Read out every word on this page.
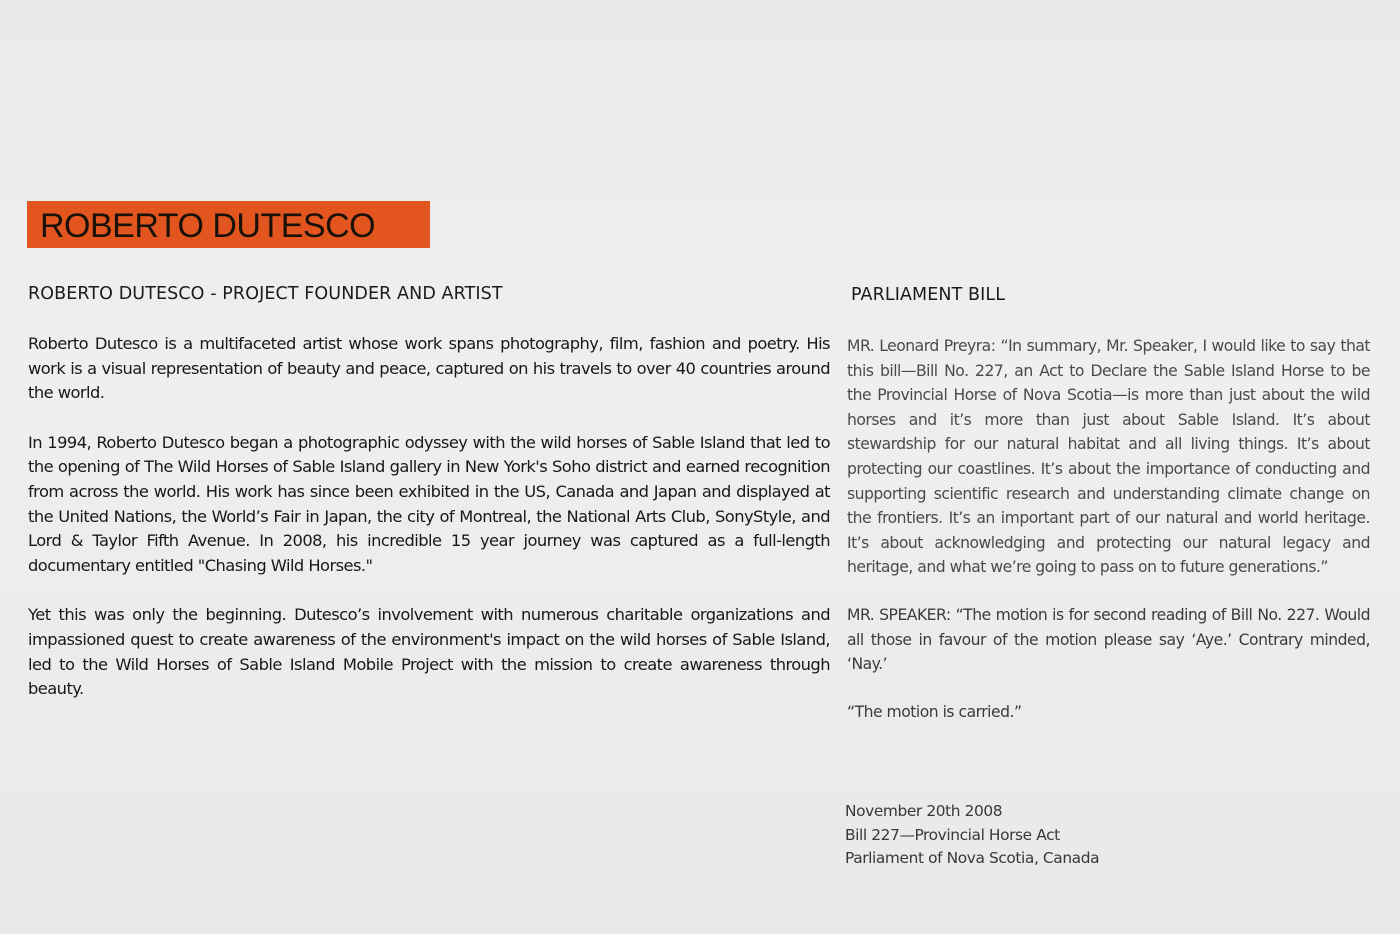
ROBERTO DUTESCO
ROBERTO DUTESCO - PROJECT FOUNDER AND ARTIST

Roberto Dutesco is a multifaceted artist whose work spans photography, film, fashion and poetry. His work is a visual representation of beauty and peace, captured on his travels to over 40 countries around the world.

In 1994, Roberto Dutesco began a photographic odyssey with the wild horses of Sable Island that led to the opening of The Wild Horses of Sable Island gallery in New York's Soho district and earned recognition from across the world. His work has since been exhibited in the US, Canada and Japan and displayed at the United Nations, the World’s Fair in Japan, the city of Montreal, the National Arts Club, SonyStyle, and Lord & Taylor Fifth Avenue. In 2008, his incredible 15 year journey was captured as a full-length documentary entitled "Chasing Wild Horses."

Yet this was only the beginning. Dutesco’s involvement with numerous charitable organizations and impassioned quest to create awareness of the environment's impact on the wild horses of Sable Island, led to the Wild Horses of Sable Island Mobile Project with the mission to create awareness through beauty.

PARLIAMENT BILL

MR. Leonard Preyra: “In summary, Mr. Speaker, I would like to say that this bill—Bill No. 227, an Act to Declare the Sable Island Horse to be the Provincial Horse of Nova Scotia—is more than just about the wild horses and it’s more than just about Sable Island. It’s about stewardship for our natural habitat and all living things. It’s about protecting our coastlines. It’s about the importance of conducting and supporting scientific research and understanding climate change on the frontiers. It’s an important part of our natural and world heritage. It’s about acknowledging and protecting our natural legacy and heritage, and what we’re going to pass on to future generations.”

MR. SPEAKER: “The motion is for second reading of Bill No. 227. Would all those in favour of the motion please say ‘Aye.’ Contrary minded, ‘Nay.’

“The motion is carried.”

November 20th 2008
Bill 227—Provincial Horse Act
Parliament of Nova Scotia, Canada
